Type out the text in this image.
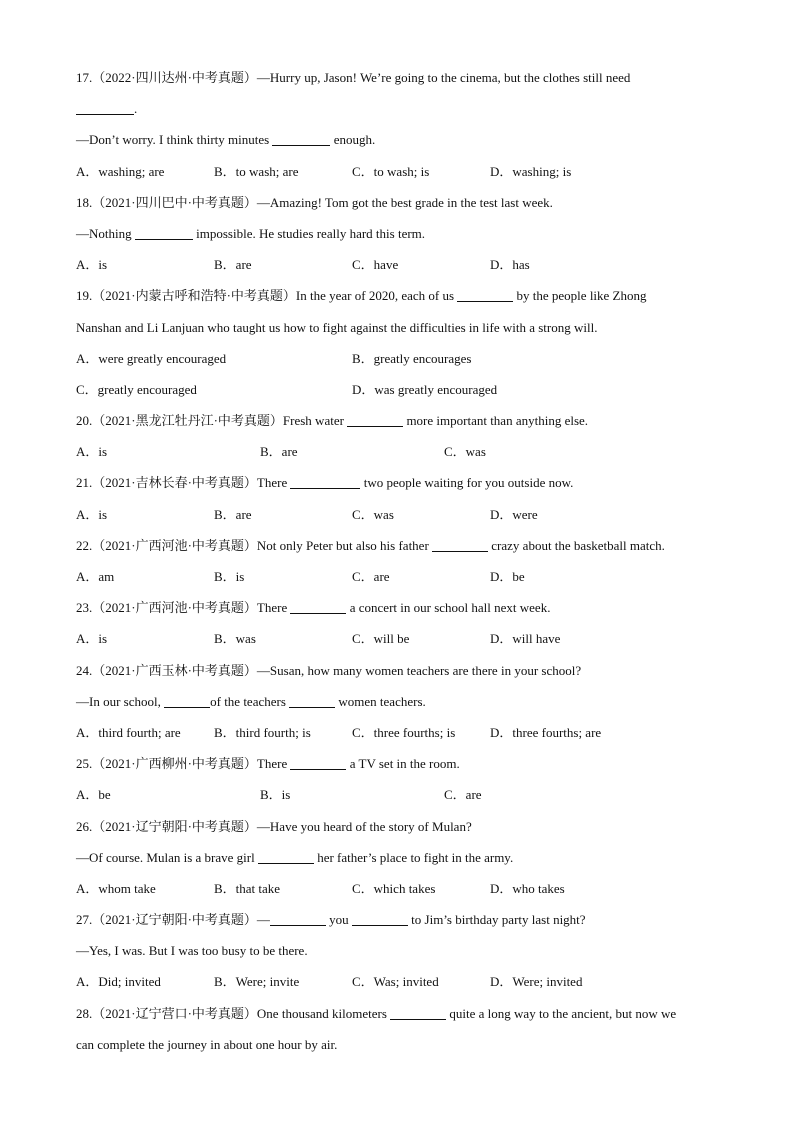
17.（2022·四川达州·中考真题）—Hurry up, Jason! We’re going to the cinema, but the clothes still need
.
—Don’t worry. I think thirty minutes	enough.
A．washing; are	B．to wash; are	C．to wash; is	D．washing; is
18.（2021·四川巴中·中考真题）—Amazing! Tom got the best grade in the test last week.
—Nothing	impossible. He studies really hard this term.
A．is	B．are	C．have	D．has
19.（2021·内蒙古呼和浩特·中考真题）In the year of 2020, each of us	by the people like Zhong
Nanshan and Li Lanjuan who taught us how to fight against the difficulties in life with a strong will.
A．were greatly encouraged	B．greatly encourages
C．greatly encouraged	D．was greatly encouraged
20.（2021·黑龙江牡丹江·中考真题）Fresh water	more important than anything else.
A．is	B．are	C．was
21.（2021·吉林长春·中考真题）There	two people waiting for you outside now.
A．is	B．are	C．was	D．were
22.（2021·广西河池·中考真题）Not only Peter but also his father	crazy about the basketball match.
A．am	B．is	C．are	D．be
23.（2021·广西河池·中考真题）There	a concert in our school hall next week.
A．is	B．was	C．will be	D．will have
24.（2021·广西玉林·中考真题）—Susan, how many women teachers are there in your school?
—In our school,	of the teachers	women teachers.
A．third fourth; are	B．third fourth; is	C．three fourths; is	D．three fourths; are
25.（2021·广西柳州·中考真题）There	a TV set in the room.
A．be	B．is	C．are
26.（2021·辽宁朝阳·中考真题）—Have you heard of the story of Mulan?
—Of course. Mulan is a brave girl	her father’s place to fight in the army.
A．whom take	B．that take	C．which takes	D．who takes
27.（2021·辽宁朝阳·中考真题）—	you	to Jim’s birthday party last night?
—Yes, I was. But I was too busy to be there.
A．Did; invited	B．Were; invite	C．Was; invited	D．Were; invited
28.（2021·辽宁营口·中考真题）One thousand kilometers	quite a long way to the ancient, but now we
can complete the journey in about one hour by air.
